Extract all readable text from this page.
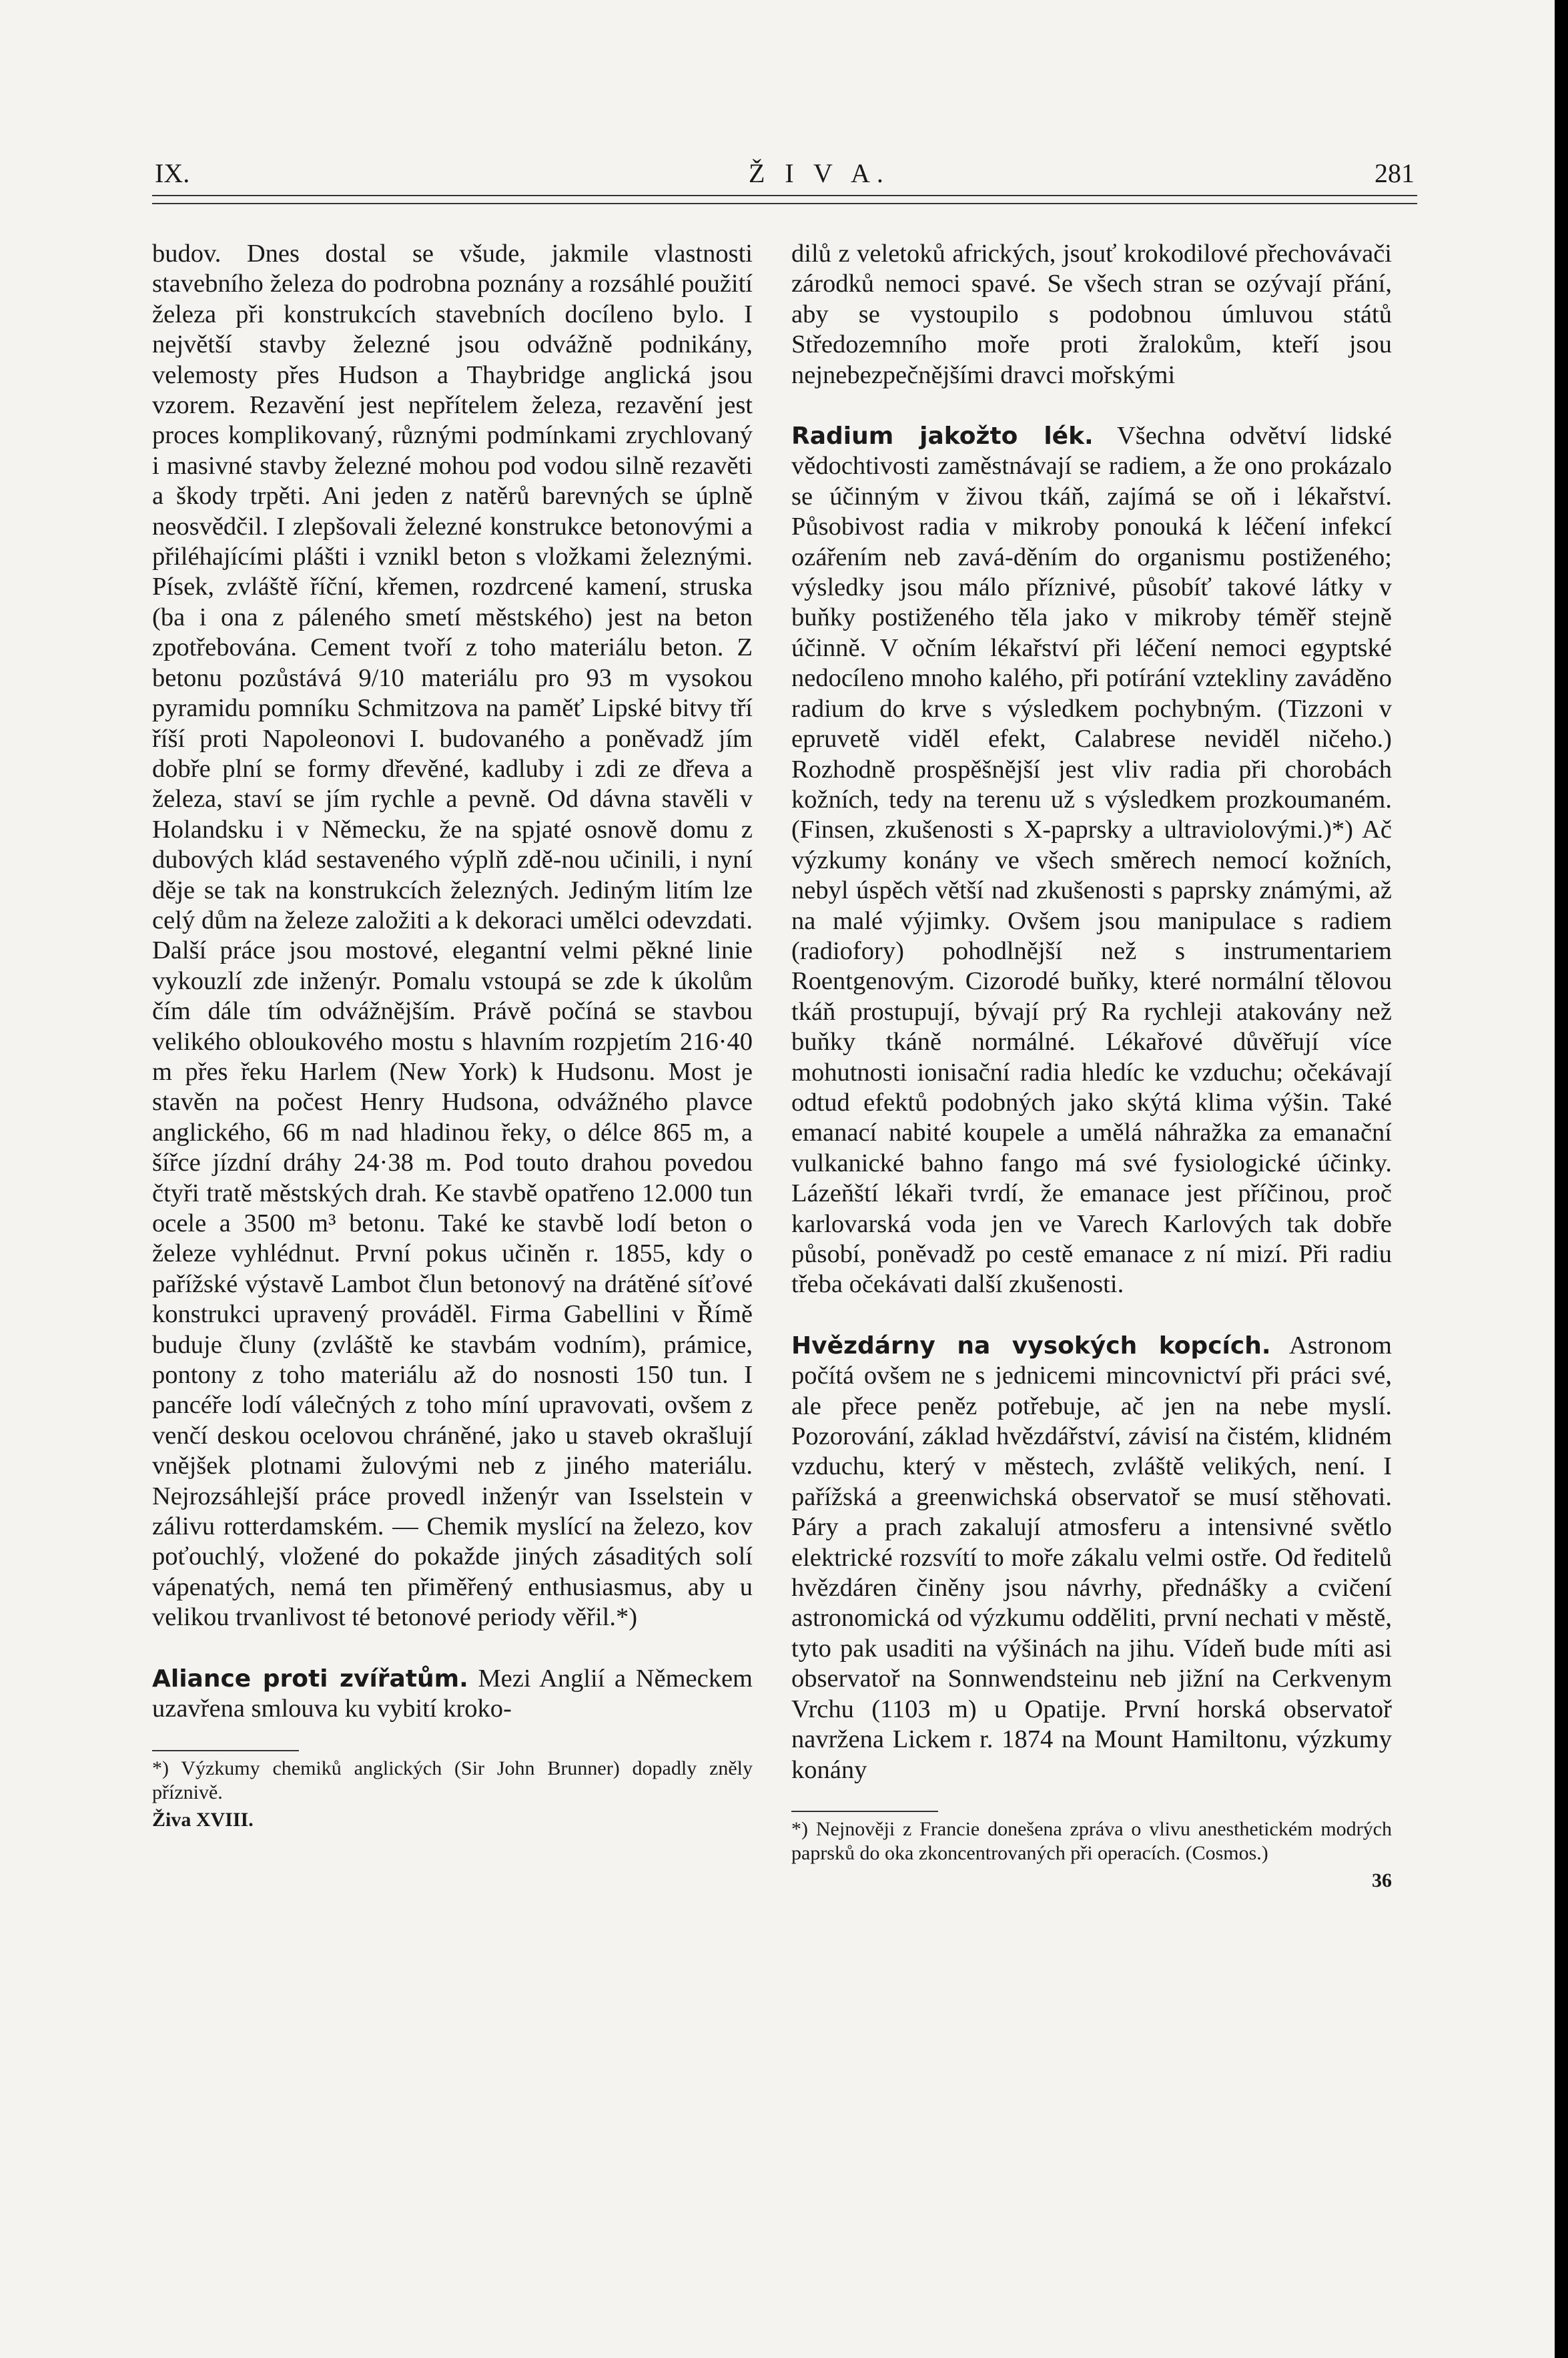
IX.	Ž I V A.	281

budov. Dnes dostal se všude, jakmile vlastnosti stavebního železa do podrobna poznány a rozsáhlé použití železa při konstrukcích stavebních docíleno bylo. I největší stavby železné jsou odvážně podnikány, velemosty přes Hudson a Thaybridge anglická jsou vzorem. Rezavění jest nepřítelem železa, rezavění jest proces komplikovaný, různými podmínkami zrychlovaný i masivné stavby železné mohou pod vodou silně rezavěti a škody trpěti. Ani jeden z natěrů barevných se úplně neosvědčil. I zlepšovali železné konstrukce betonovými a přiléhajícími plášti i vznikl beton s vložkami železnými. Písek, zvláště říční, křemen, rozdrcené kamení, struska (ba i ona z páleného smetí městského) jest na beton zpotřebována. Cement tvoří z toho materiálu beton. Z betonu pozůstává 9/10 materiálu pro 93 m vysokou pyramidu pomníku Schmitzova na paměť Lipské bitvy tří říší proti Napoleonovi I. budovaného a poněvadž jím dobře plní se formy dřevěné, kadluby i zdi ze dřeva a železa, staví se jím rychle a pevně. Od dávna stavěli v Holandsku i v Německu, že na spjaté osnově domu z dubových klád sestaveného výplň zdě-nou učinili, i nyní děje se tak na konstrukcích železných. Jediným litím lze celý dům na železe založiti a k dekoraci umělci odevzdati. Další práce jsou mostové, elegantní velmi pěkné linie vykouzlí zde inženýr. Pomalu vstoupá se zde k úkolům čím dále tím odvážnějším. Právě počíná se stavbou velikého obloukového mostu s hlavním rozpjetím 216·40 m přes řeku Harlem (New York) k Hudsonu. Most je stavěn na počest Henry Hudsona, odvážného plavce anglického, 66 m nad hladinou řeky, o délce 865 m, a šířce jízdní dráhy 24·38 m. Pod touto drahou povedou čtyři tratě městských drah. Ke stavbě opatřeno 12.000 tun ocele a 3500 m³ betonu. Také ke stavbě lodí beton o železe vyhlédnut. První pokus učiněn r. 1855, kdy o pařížské výstavě Lambot člun betonový na drátěné síťové konstrukci upravený prováděl. Firma Gabellini v Římě buduje čluny (zvláště ke stavbám vodním), prámice, pontony z toho materiálu až do nosnosti 150 tun. I pancéře lodí válečných z toho míní upravovati, ovšem z venčí deskou ocelovou chráněné, jako u staveb okrašlují vnějšek plotnami žulovými neb z jiného materiálu. Nejrozsáhlejší práce provedl inženýr van Isselstein v zálivu rotterdamském. — Chemik myslící na železo, kov poťouchlý, vložené do pokažde jiných zásaditých solí vápenatých, nemá ten přiměřený enthusiasmus, aby u velikou trvanlivost té betonové periody věřil.*)

Aliance proti zvířatům. Mezi Anglií a Německem uzavřena smlouva ku vybití kroko-

*) Výzkumy chemiků anglických (Sir John Brunner) dopadly zněly příznivě.

Živa XVIII.

dilů z veletoků afrických, jsouť krokodilové přechovávači zárodků nemoci spavé. Se všech stran se ozývají přání, aby se vystoupilo s podobnou úmluvou států Středozemního moře proti žralokům, kteří jsou nejnebezpečnějšími dravci mořskými

Radium jakožto lék. Všechna odvětví lidské vědochtivosti zaměstnávají se radiem, a že ono prokázalo se účinným v živou tkáň, zajímá se oň i lékařství. Působivost radia v mikroby ponouká k léčení infekcí ozářením neb zavá-děním do organismu postiženého; výsledky jsou málo příznivé, působíť takové látky v buňky postiženého těla jako v mikroby téměř stejně účinně. V očním lékařství při léčení nemoci egyptské nedocíleno mnoho kalého, při potírání vztekliny zaváděno radium do krve s výsledkem pochybným. (Tizzoni v epruvetě viděl efekt, Calabrese neviděl ničeho.) Rozhodně prospěšnější jest vliv radia při chorobách kožních, tedy na terenu už s výsledkem prozkoumaném. (Finsen, zkušenosti s X-paprsky a ultraviolovými.)*) Ač výzkumy konány ve všech směrech nemocí kožních, nebyl úspěch větší nad zkušenosti s paprsky známými, až na malé výjimky. Ovšem jsou manipulace s radiem (radiofory) pohodlnější než s instrumentariem Roentgenovým. Cizorodé buňky, které normální tělovou tkáň prostupují, bývají prý Ra rychleji atakovány než buňky tkáně normálné. Lékařové důvěřují více mohutnosti ionisační radia hledíc ke vzduchu; očekávají odtud efektů podobných jako skýtá klima výšin. Také emanací nabité koupele a umělá náhražka za emanační vulkanické bahno fango má své fysiologické účinky. Lázeňští lékaři tvrdí, že emanace jest příčinou, proč karlovarská voda jen ve Varech Karlových tak dobře působí, poněvadž po cestě emanace z ní mizí. Při radiu třeba očekávati další zkušenosti.

Hvězdárny na vysokých kopcích. Astronom počítá ovšem ne s jednicemi mincovnictví při práci své, ale přece peněz potřebuje, ač jen na nebe myslí. Pozorování, základ hvězdářství, závisí na čistém, klidném vzduchu, který v městech, zvláště velikých, není. I pařížská a greenwichská observatoř se musí stěhovati. Páry a prach zakalují atmosferu a intensivné světlo elektrické rozsvítí to moře zákalu velmi ostře. Od ředitelů hvězdáren činěny jsou návrhy, přednášky a cvičení astronomická od výzkumu odděliti, první nechati v městě, tyto pak usaditi na výšinách na jihu. Vídeň bude míti asi observatoř na Sonnwendsteinu neb jižní na Cerkvenym Vrchu (1103 m) u Opatije. První horská observatoř navržena Lickem r. 1874 na Mount Hamiltonu, výzkumy konány

*) Nejnověji z Francie donešena zpráva o vlivu anesthetickém modrých paprsků do oka zkoncentrovaných při operacích. (Cosmos.)

36
